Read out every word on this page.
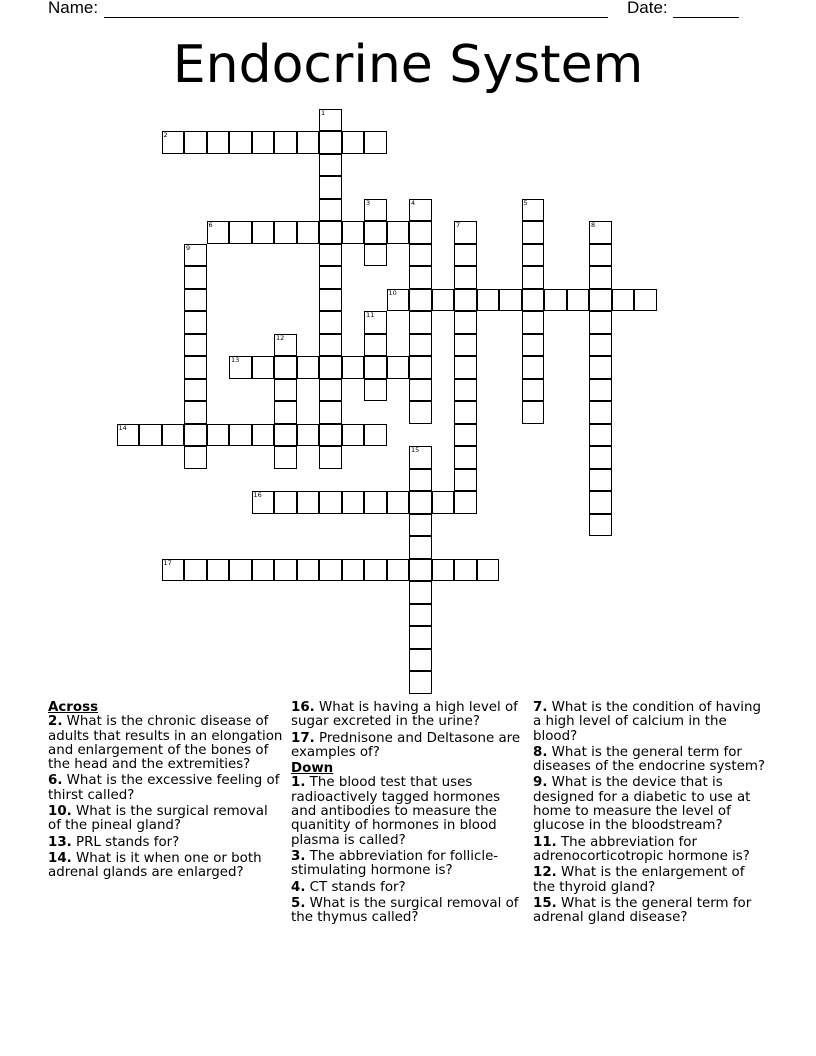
Name:	Date:
Endocrine System
1
2
3	4	5
6	7	8
9
10
11
12
13
14
15
16
17
Across
2. What is the chronic disease of adults that results in an elongation and enlargement of the bones of the head and the extremities?
6. What is the excessive feeling of thirst called?
10. What is the surgical removal of the pineal gland?
13. PRL stands for?
14. What is it when one or both adrenal glands are enlarged?
16. What is having a high level of sugar excreted in the urine?
17. Prednisone and Deltasone are examples of?
Down
1. The blood test that uses radioactively tagged hormones and antibodies to measure the quanitity of hormones in blood plasma is called?
3. The abbreviation for follicle-stimulating hormone is?
4. CT stands for?
5. What is the surgical removal of the thymus called?
7. What is the condition of having a high level of calcium in the blood?
8. What is the general term for diseases of the endocrine system?
9. What is the device that is designed for a diabetic to use at home to measure the level of glucose in the bloodstream?
11. The abbreviation for adrenocorticotropic hormone is?
12. What is the enlargement of the thyroid gland?
15. What is the general term for adrenal gland disease?
